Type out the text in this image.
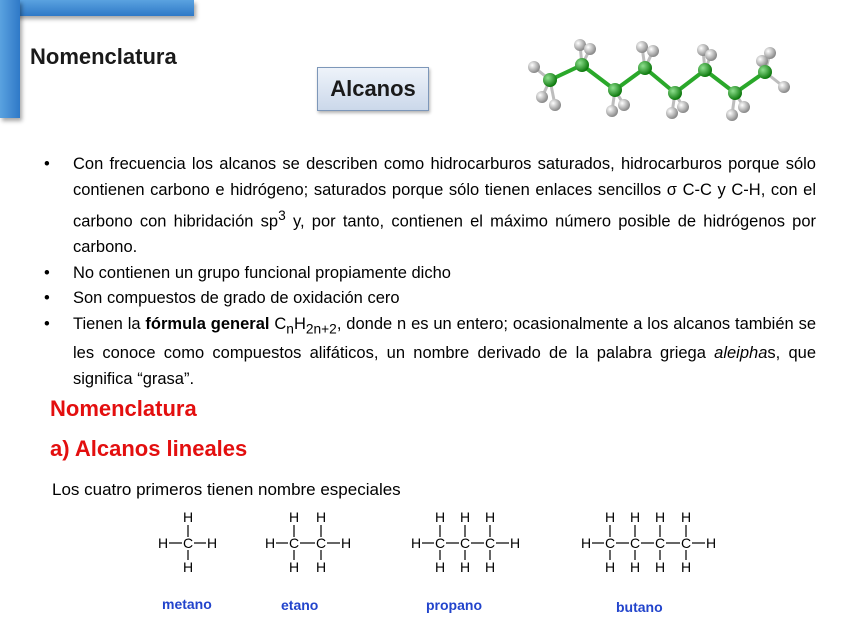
Nomenclatura
Alcanos
• Con frecuencia los alcanos se describen como hidrocarburos saturados, hidrocarburos porque sólo contienen carbono e hidrógeno; saturados porque sólo tienen enlaces sencillos σ C-C y C-H, con el carbono con hibridación $sp^3$ y, por tanto, contienen el máximo número posible de hidrógenos por carbono.
• No contienen un grupo funcional propiamente dicho
• Son compuestos de grado de oxidación cero
• Tienen la fórmula general $C_nH_{2n+2}$, donde n es un entero; ocasionalmente a los alcanos también se les conoce como compuestos alifáticos, un nombre derivado de la palabra griega aleiphas, que significa “grasa”.
Nomenclatura
a) Alcanos lineales
Los cuatro primeros tienen nombre especiales
H	H
C
H
H
H	H
C
H
H
C
H
H
H	H
C
H
H
C
H
H
C
H
H
H	H
C
H
H
C
H
H
C
H
H
C
H
H
metano	etano	propano	butano
